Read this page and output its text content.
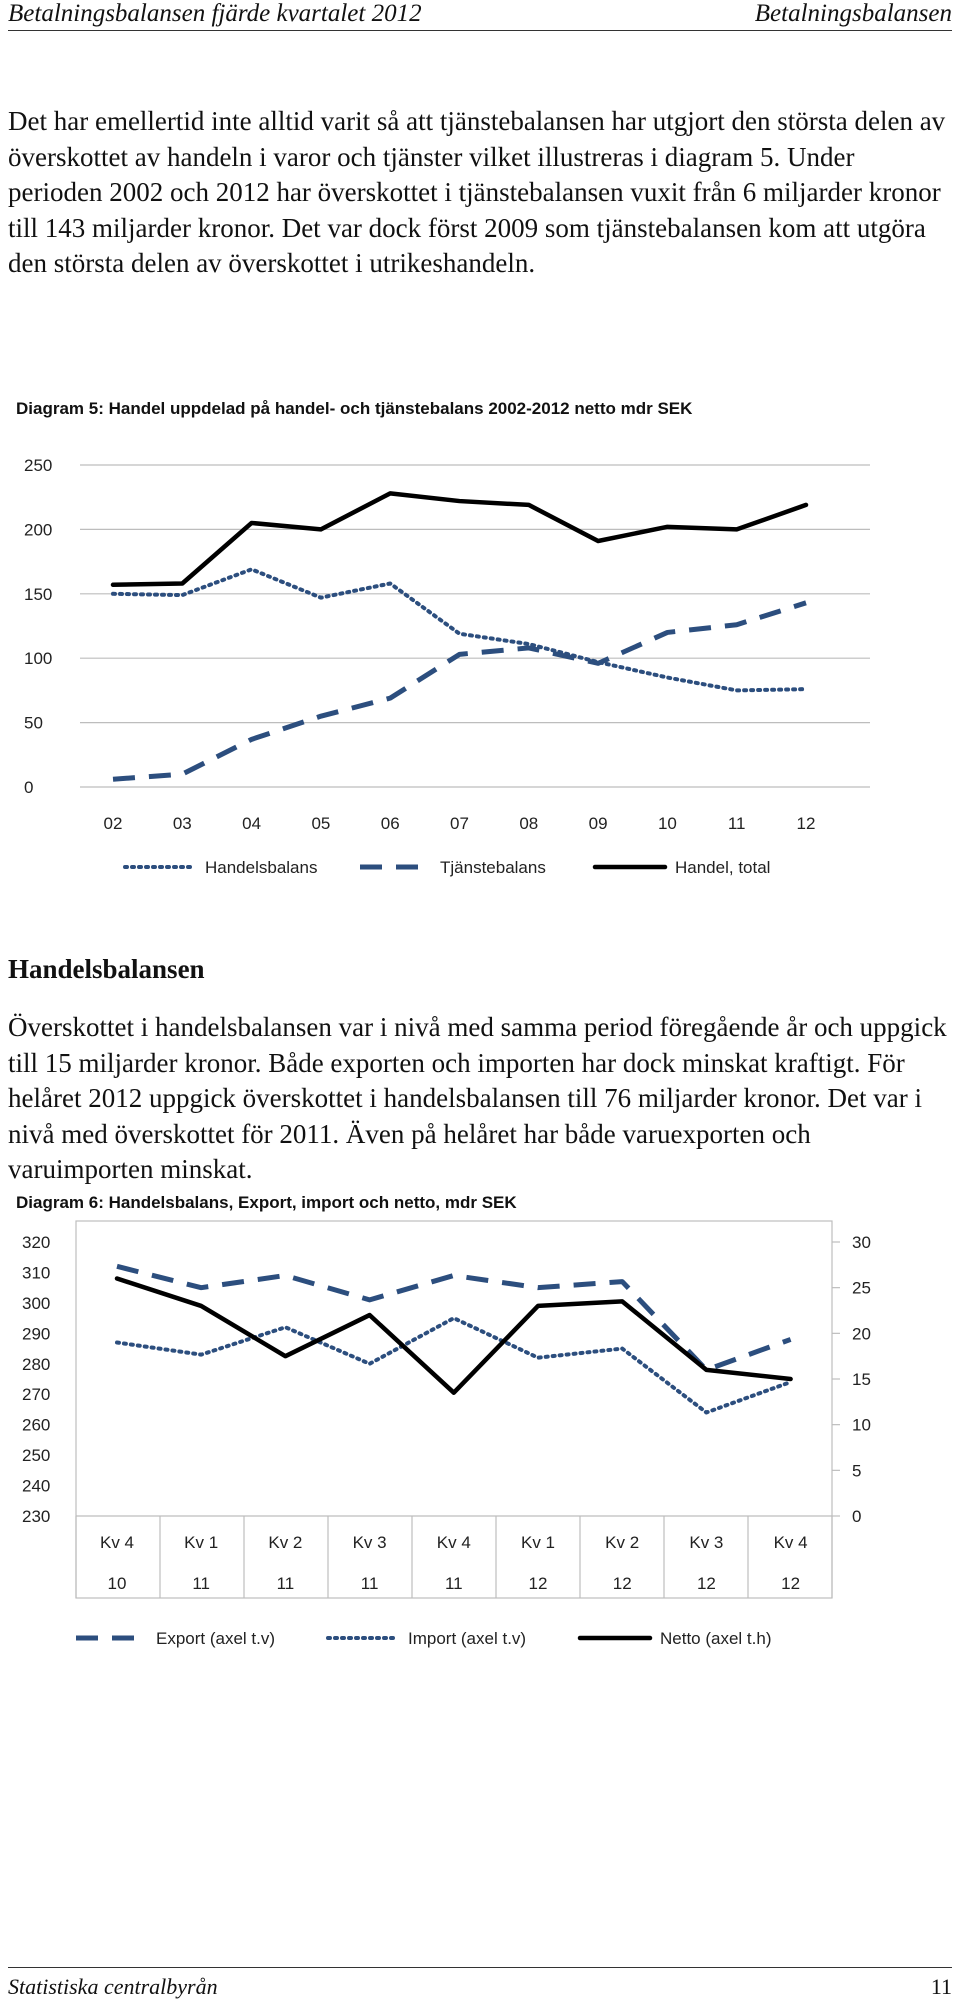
Betalningsbalansen fjärde kvartalet 2012	Betalningsbalansen

Det har emellertid inte alltid varit så att tjänstebalansen har utgjort den största delen av överskottet av handeln i varor och tjänster vilket illustreras i diagram 5. Under perioden 2002 och 2012 har överskottet i tjänstebalansen vuxit från 6 miljarder kronor till 143 miljarder kronor. Det var dock först 2009 som tjänstebalansen kom att utgöra den största delen av överskottet i utrikeshandeln.

Diagram 5: Handel uppdelad på handel- och tjänstebalans 2002-2012 netto mdr SEK
0
50
100
150
200
250
02	03	04	05	06	07	08	09	10	11	12
Handelsbalans	Tjänstebalans	Handel, total
Handelsbalansen

Överskottet i handelsbalansen var i nivå med samma period föregående år och uppgick till 15 miljarder kronor. Både exporten och importen har dock minskat kraftigt. För helåret 2012 uppgick överskottet i handelsbalansen till 76 miljarder kronor. Det var i nivå med överskottet för 2011. Även på helåret har både varuexporten och varuimporten minskat.

Diagram 6: Handelsbalans, Export, import och netto, mdr SEK
230
240
250
260
270
280
290
300
310
320
0
5
10
15
20
25
30
Kv 4
10
Kv 1
11
Kv 2
11
Kv 3
11
Kv 4
11
Kv 1
12
Kv 2
12
Kv 3
12
Kv 4
12
Export (axel t.v)	Import (axel t.v)	Netto (axel t.h)
Statistiska centralbyrån	11
